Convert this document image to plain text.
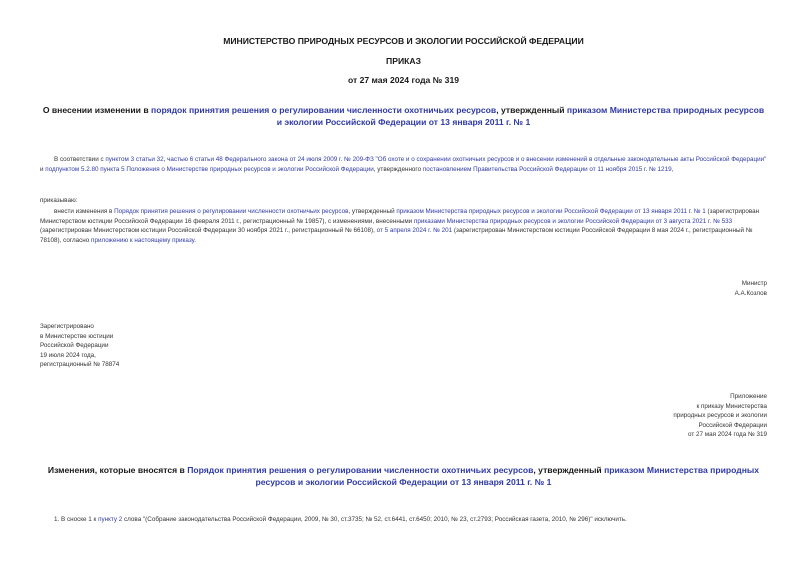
МИНИСТЕРСТВО ПРИРОДНЫХ РЕСУРСОВ И ЭКОЛОГИИ РОССИЙСКОЙ ФЕДЕРАЦИИ
ПРИКАЗ
от 27 мая 2024 года № 319
О внесении изменении в порядок принятия решения о регулировании численности охотничьих ресурсов, утвержденный приказом Министерства природных ресурсов и экологии Российской Федерации от 13 января 2011 г. № 1
В соответствии с пунктом 3 статьи 32, частью 6 статьи 48 Федерального закона от 24 июля 2009 г. № 209-ФЗ "Об охоте и о сохранении охотничьих ресурсов и о внесении изменений в отдельные законодательные акты Российской Федерации" и подпунктом 5.2.80 пункта 5 Положения о Министерстве природных ресурсов и экологии Российской Федерации, утвержденного постановлением Правительства Российской Федерации от 11 ноября 2015 г. № 1219,
приказываю:
внести изменения в Порядок принятия решения о регулировании численности охотничьих ресурсов, утвержденный приказом Министерства природных ресурсов и экологии Российской Федерации от 13 января 2011 г. № 1 (зарегистрирован Министерством юстиции Российской Федерации 16 февраля 2011 г., регистрационный № 19857), с изменениями, внесенными приказами Министерства природных ресурсов и экологии Российской Федерации от 3 августа 2021 г. № 533 (зарегистрирован Министерством юстиции Российской Федерации 30 ноября 2021 г., регистрационный № 66108), от 5 апреля 2024 г. № 201 (зарегистрирован Министерством юстиции Российской Федерации 8 мая 2024 г., регистрационный № 78108), согласно приложению к настоящему приказу.
Министр
А.А.Козлов
Зарегистрировано
в Министерстве юстиции
Российской Федерации
19 июля 2024 года,
регистрационный № 78874
Приложение
к приказу Министерства
природных ресурсов и экологии
Российской Федерации
от 27 мая 2024 года № 319
Изменения, которые вносятся в Порядок принятия решения о регулировании численности охотничьих ресурсов, утвержденный приказом Министерства природных ресурсов и экологии Российской Федерации от 13 января 2011 г. № 1
1. В сноске 1 к пункту 2 слова "(Собрание законодательства Российской Федерации, 2009, № 30, ст.3735; № 52, ст.6441, ст.6450; 2010, № 23, ст.2793; Российская газета, 2010, № 296)" исключить.
